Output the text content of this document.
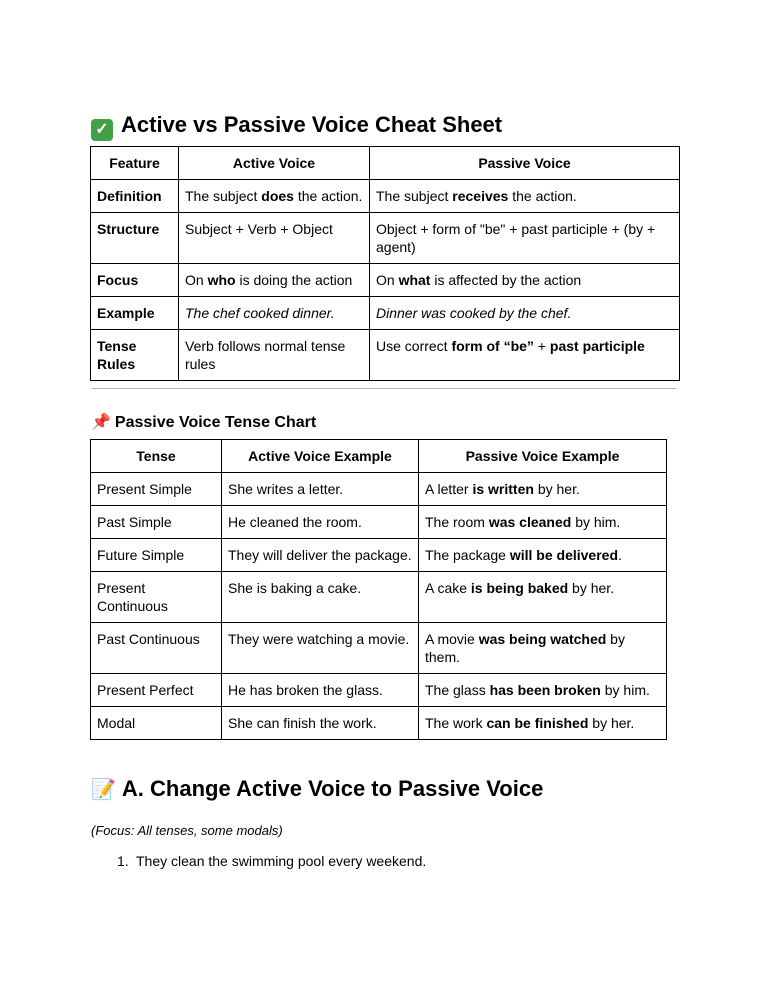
✓ Active vs Passive Voice Cheat Sheet
Feature	Active Voice	Passive Voice
Definition	The subject does the action.	The subject receives the action.
Structure	Subject + Verb + Object	Object + form of "be" + past participle + (by + agent)
Focus	On who is doing the action	On what is affected by the action
Example	The chef cooked dinner.	Dinner was cooked by the chef.
Tense Rules	Verb follows normal tense rules	Use correct form of “be” + past participle
📌 Passive Voice Tense Chart
Tense	Active Voice Example	Passive Voice Example
Present Simple	She writes a letter.	A letter is written by her.
Past Simple	He cleaned the room.	The room was cleaned by him.
Future Simple	They will deliver the package.	The package will be delivered.
Present Continuous	She is baking a cake.	A cake is being baked by her.
Past Continuous	They were watching a movie.	A movie was being watched by them.
Present Perfect	He has broken the glass.	The glass has been broken by him.
Modal	She can finish the work.	The work can be finished by her.
📝 A. Change Active Voice to Passive Voice
(Focus: All tenses, some modals)
1. They clean the swimming pool every weekend.
